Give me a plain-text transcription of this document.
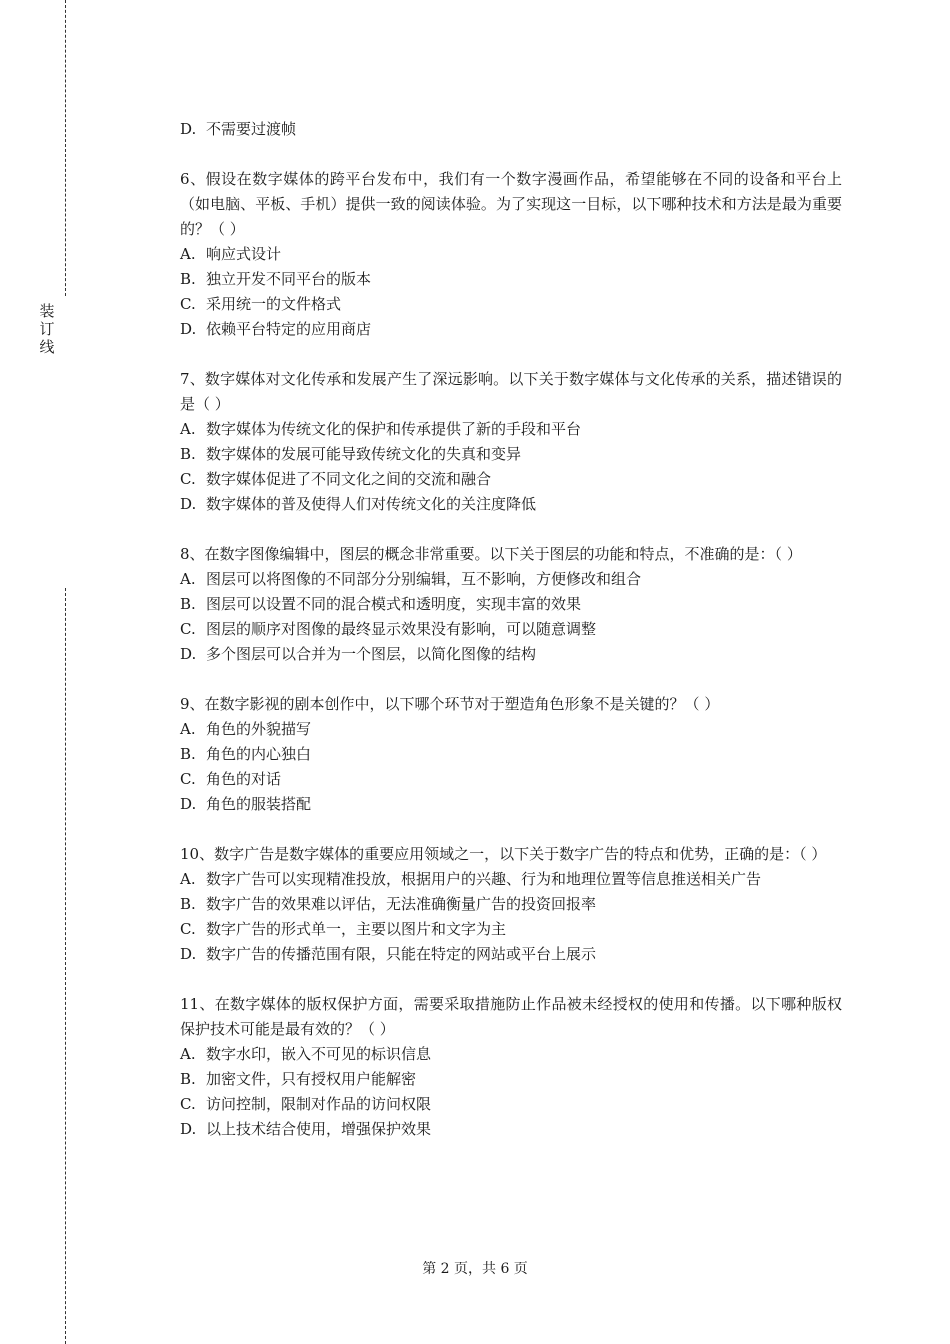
装
订
线
D. 不需要过渡帧
6、假设在数字媒体的跨平台发布中，我们有一个数字漫画作品，希望能够在不同的设备和平台上（如电脑、平板、手机）提供一致的阅读体验。为了实现这一目标，以下哪种技术和方法是最为重要的？（ ）
A. 响应式设计
B. 独立开发不同平台的版本
C. 采用统一的文件格式
D. 依赖平台特定的应用商店
7、数字媒体对文化传承和发展产生了深远影响。以下关于数字媒体与文化传承的关系，描述错误的是（ ）
A. 数字媒体为传统文化的保护和传承提供了新的手段和平台
B. 数字媒体的发展可能导致传统文化的失真和变异
C. 数字媒体促进了不同文化之间的交流和融合
D. 数字媒体的普及使得人们对传统文化的关注度降低
8、在数字图像编辑中，图层的概念非常重要。以下关于图层的功能和特点，不准确的是：（ ）
A. 图层可以将图像的不同部分分别编辑，互不影响，方便修改和组合
B. 图层可以设置不同的混合模式和透明度，实现丰富的效果
C. 图层的顺序对图像的最终显示效果没有影响，可以随意调整
D. 多个图层可以合并为一个图层，以简化图像的结构
9、在数字影视的剧本创作中，以下哪个环节对于塑造角色形象不是关键的？（ ）
A. 角色的外貌描写
B. 角色的内心独白
C. 角色的对话
D. 角色的服装搭配
10、数字广告是数字媒体的重要应用领域之一，以下关于数字广告的特点和优势，正确的是：（ ）
A. 数字广告可以实现精准投放，根据用户的兴趣、行为和地理位置等信息推送相关广告
B. 数字广告的效果难以评估，无法准确衡量广告的投资回报率
C. 数字广告的形式单一，主要以图片和文字为主
D. 数字广告的传播范围有限，只能在特定的网站或平台上展示
11、在数字媒体的版权保护方面，需要采取措施防止作品被未经授权的使用和传播。以下哪种版权保护技术可能是最有效的？（ ）
A. 数字水印，嵌入不可见的标识信息
B. 加密文件，只有授权用户能解密
C. 访问控制，限制对作品的访问权限
D. 以上技术结合使用，增强保护效果
第 2 页，共 6 页
